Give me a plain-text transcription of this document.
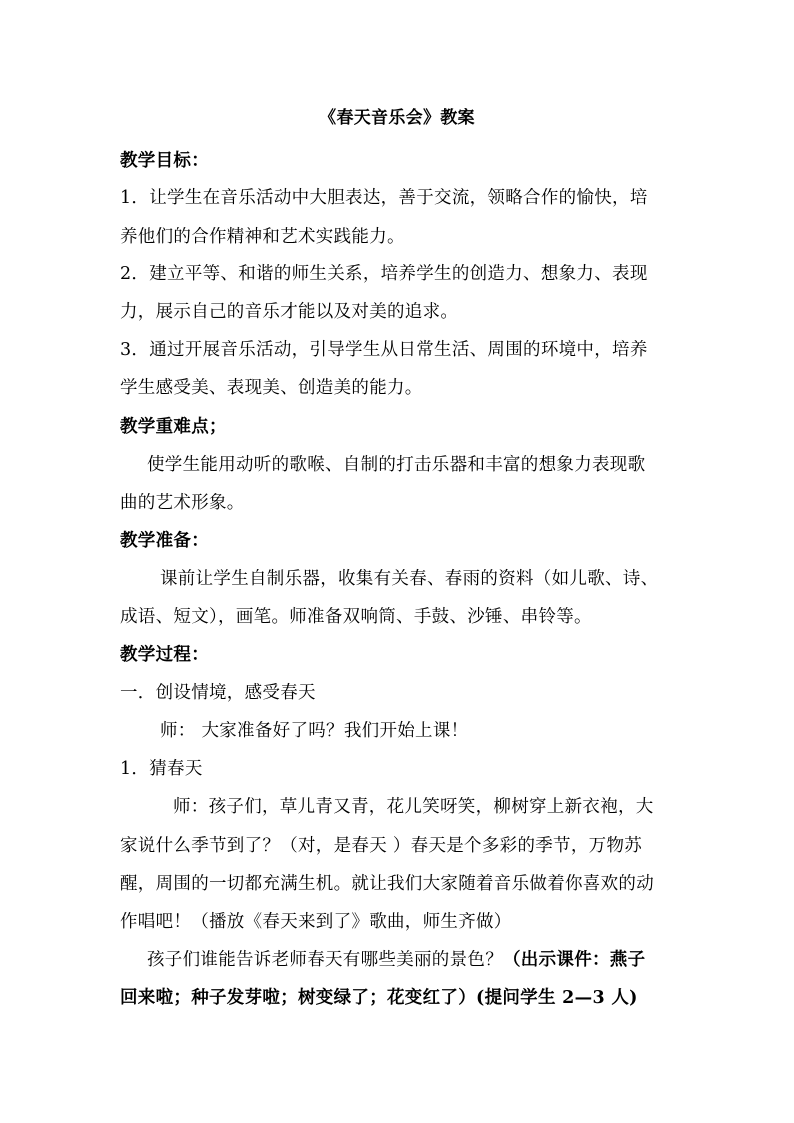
《春天音乐会》教案
教学目标：
1．让学生在音乐活动中大胆表达，善于交流，领略合作的愉快，培
养他们的合作精神和艺术实践能力。
2．建立平等、和谐的师生关系，培养学生的创造力、想象力、表现
力，展示自己的音乐才能以及对美的追求。
3．通过开展音乐活动，引导学生从日常生活、周围的环境中，培养
学生感受美、表现美、创造美的能力。
教学重难点；
使学生能用动听的歌喉、自制的打击乐器和丰富的想象力表现歌
曲的艺术形象。
教学准备：
课前让学生自制乐器，收集有关春、春雨的资料（如儿歌、诗、
成语、短文），画笔。师准备双响筒、手鼓、沙锤、串铃等。
教学过程：
一．创设情境，感受春天
师： 大家准备好了吗？我们开始上课！
1．猜春天
师：孩子们，草儿青又青，花儿笑呀笑，柳树穿上新衣袍，大
家说什么季节到了？（对，是春天 ）春天是个多彩的季节，万物苏
醒，周围的一切都充满生机。就让我们大家随着音乐做着你喜欢的动
作唱吧！（播放《春天来到了》歌曲，师生齐做）
孩子们谁能告诉老师春天有哪些美丽的景色？（出示课件：燕子
回来啦；种子发芽啦；树变绿了；花变红了）(提问学生 2—3 人)
